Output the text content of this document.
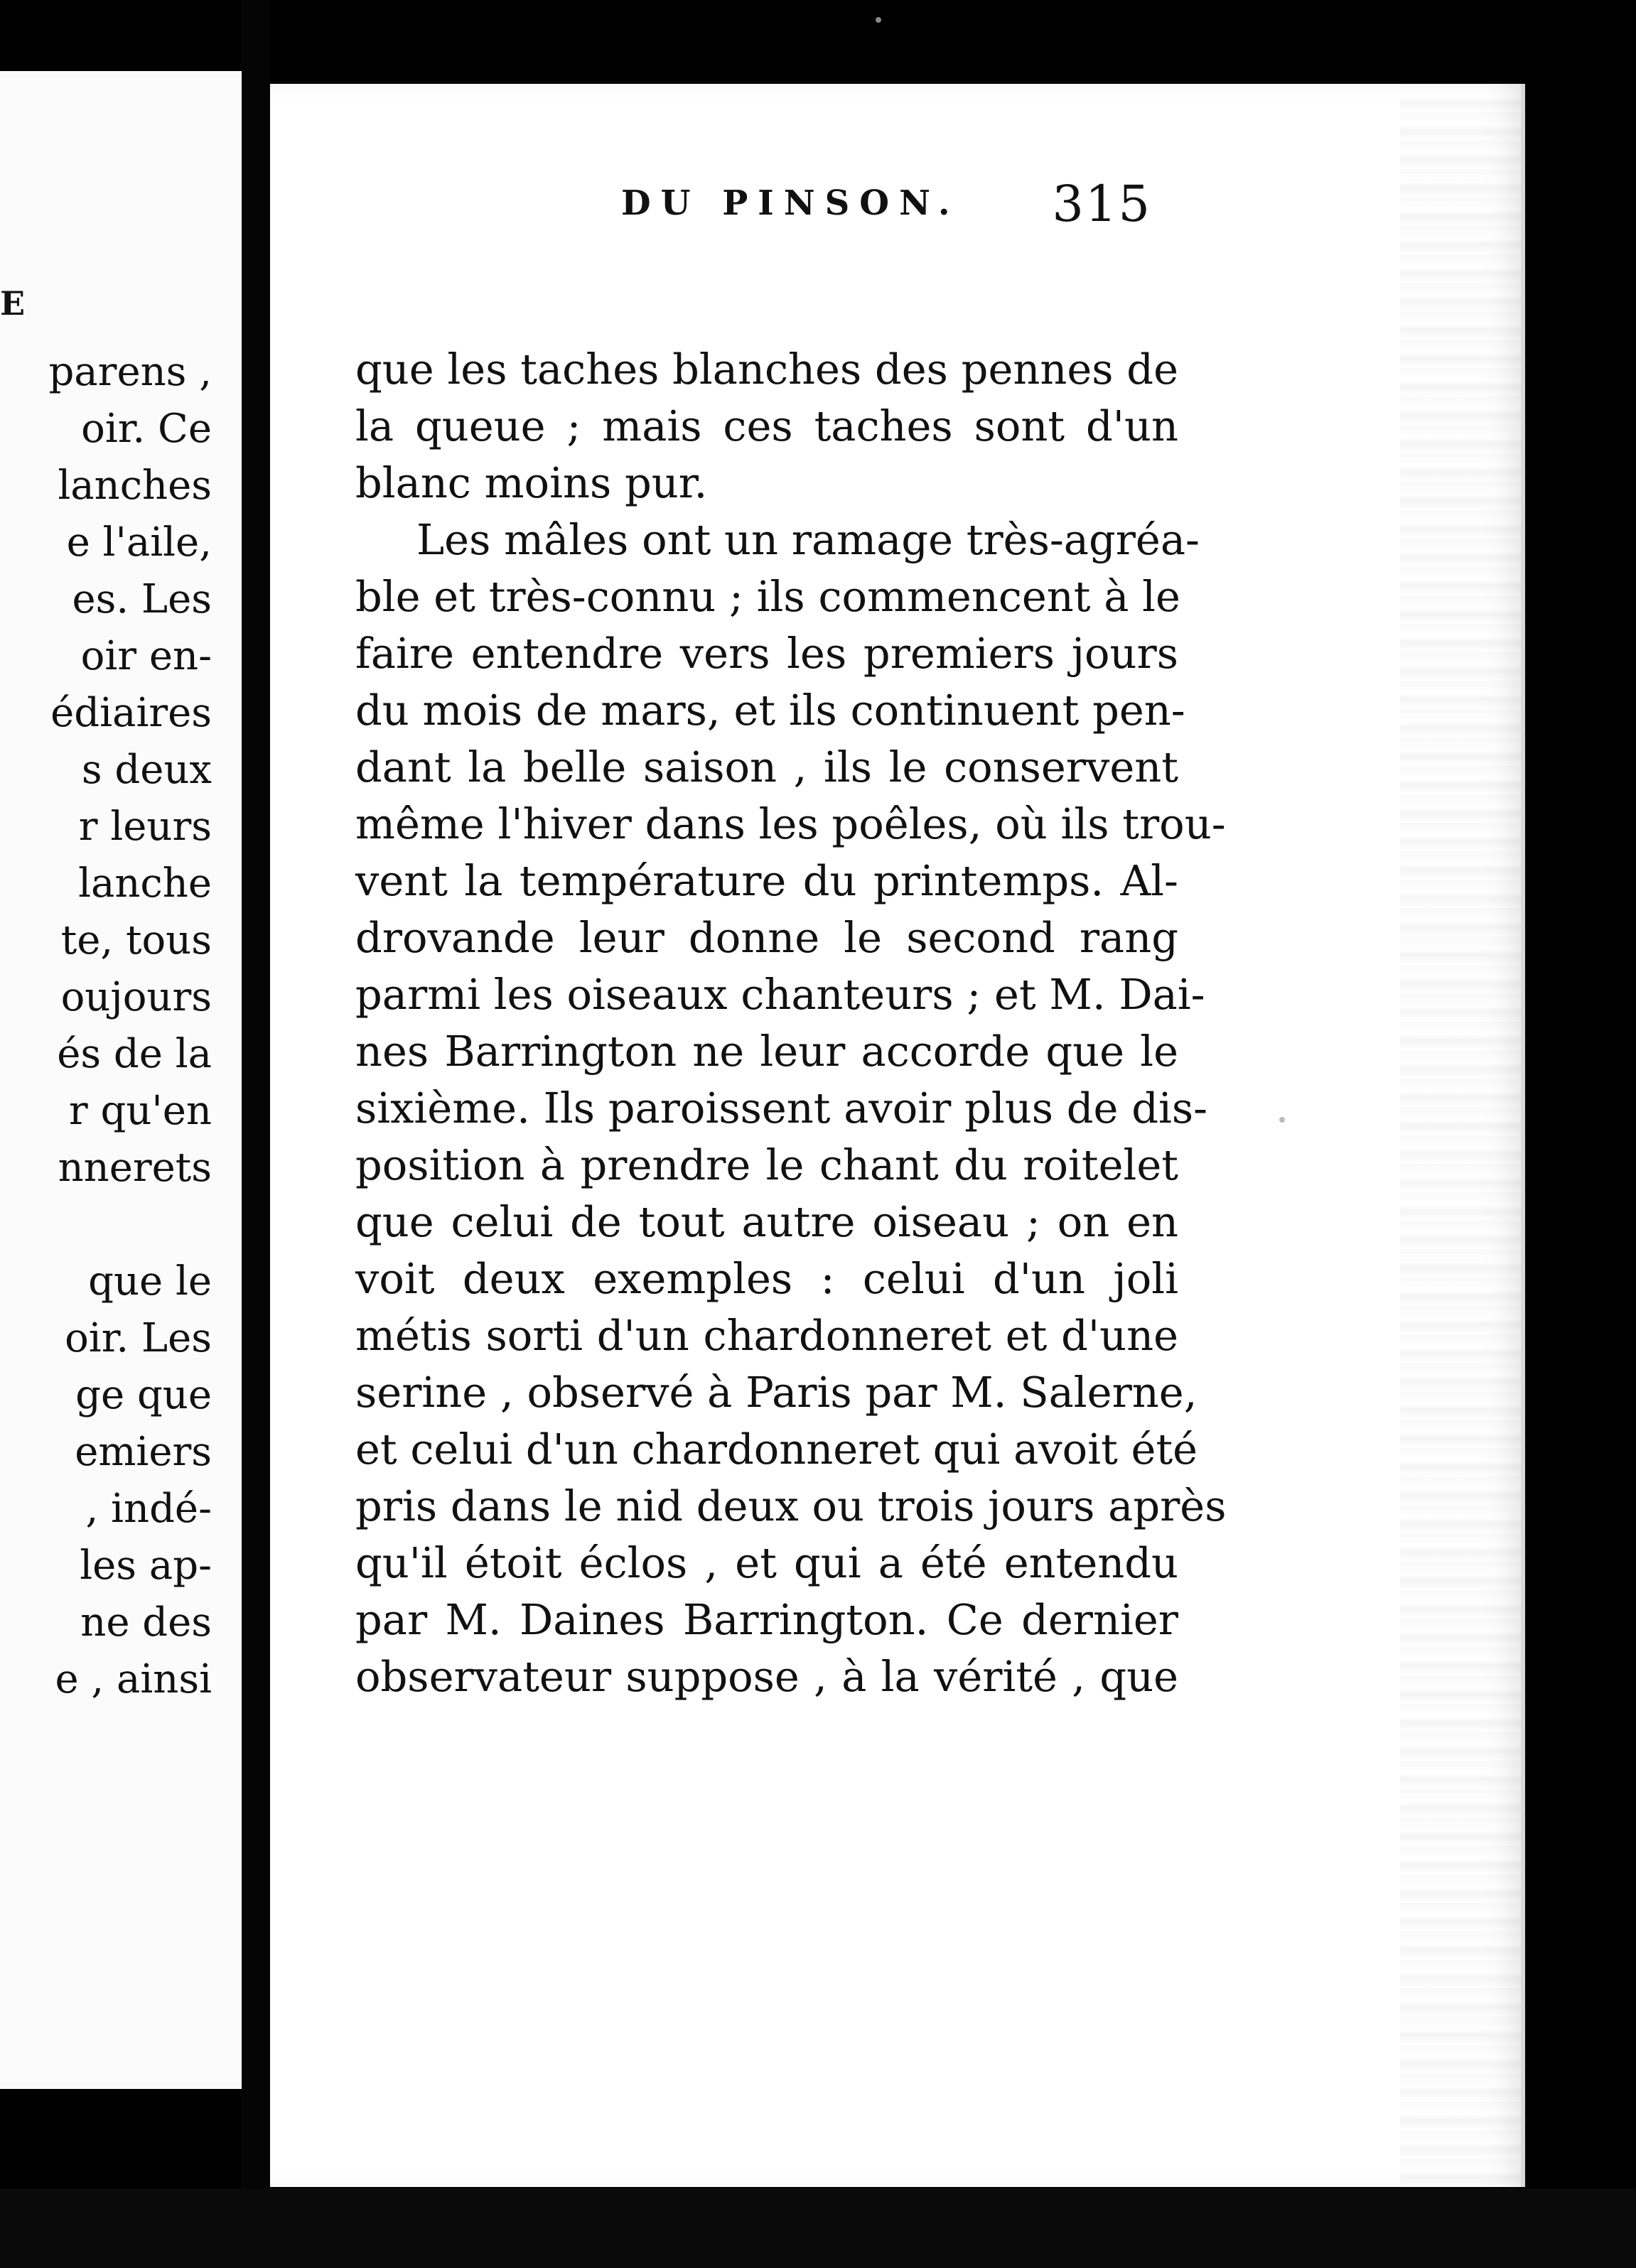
E
parens ,
oir. Ce
lanches
e l'aile,
es. Les
oir en-
édiaires
s deux
r leurs
lanche
te, tous
oujours
és de la
r qu'en
nnerets
que le
oir. Les
ge que
emiers
, indé-
les ap-
ne des
e , ainsi
DU PINSON. 315
que les taches blanches des pennes de
la queue ; mais ces taches sont d'un
blanc moins pur.
Les mâles ont un ramage très-agréa-
ble et très-connu ; ils commencent à le
faire entendre vers les premiers jours
du mois de mars, et ils continuent pen-
dant la belle saison , ils le conservent
même l'hiver dans les poêles, où ils trou-
vent la température du printemps. Al-
drovande leur donne le second rang
parmi les oiseaux chanteurs ; et M. Dai-
nes Barrington ne leur accorde que le
sixième. Ils paroissent avoir plus de dis-
position à prendre le chant du roitelet
que celui de tout autre oiseau ; on en
voit deux exemples : celui d'un joli
métis sorti d'un chardonneret et d'une
serine , observé à Paris par M. Salerne,
et celui d'un chardonneret qui avoit été
pris dans le nid deux ou trois jours après
qu'il étoit éclos , et qui a été entendu
par M. Daines Barrington. Ce dernier
observateur suppose , à la vérité , que
